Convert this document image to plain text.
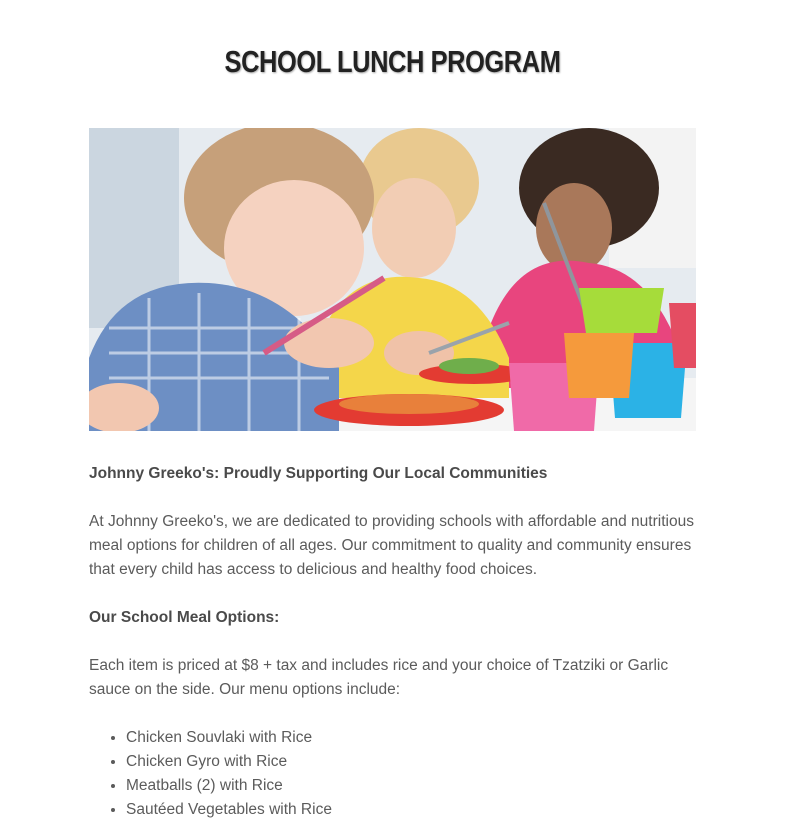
SCHOOL LUNCH PROGRAM

Johnny Greeko's: Proudly Supporting Our Local Communities

At Johnny Greeko's, we are dedicated to providing schools with affordable and nutritious meal options for children of all ages. Our commitment to quality and community ensures that every child has access to delicious and healthy food choices.

Our School Meal Options:

Each item is priced at $8 + tax and includes rice and your choice of Tzatziki or Garlic sauce on the side. Our menu options include:

• Chicken Souvlaki with Rice
• Chicken Gyro with Rice
• Meatballs (2) with Rice
• Sautéed Vegetables with Rice
